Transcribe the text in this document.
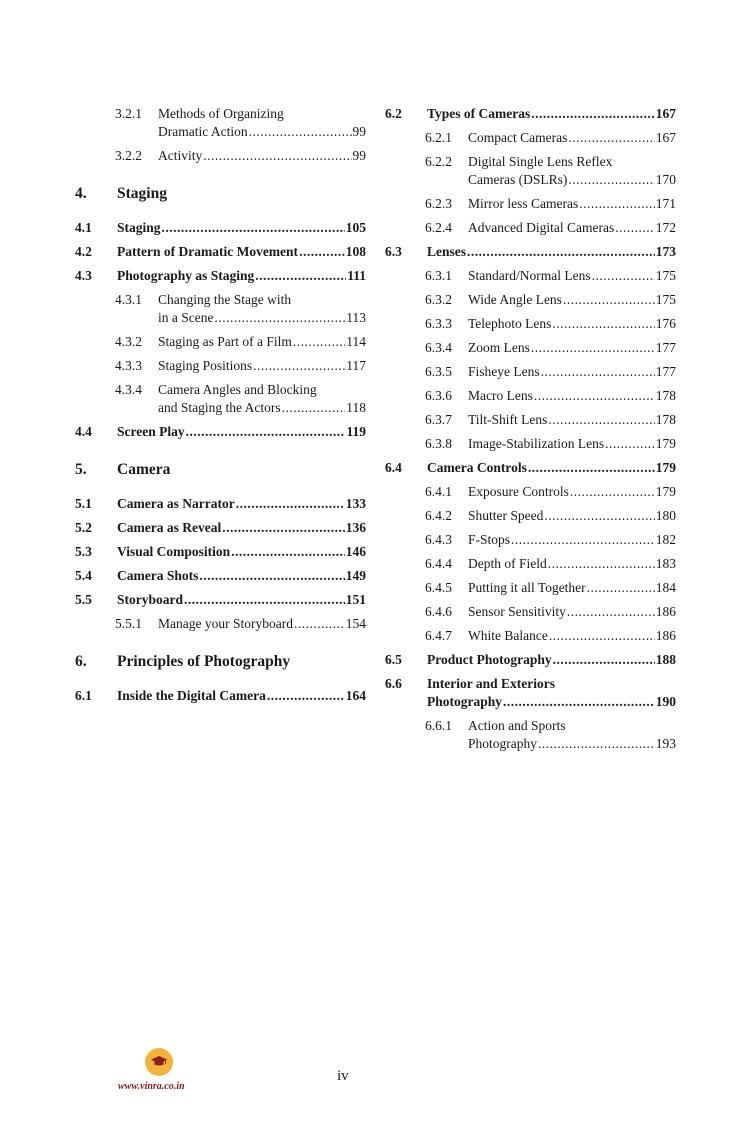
3.2.1 Methods of Organizing
Dramatic Action .....	99
3.2.2 Activity .....	99
4. Staging
4.1 Staging .....	105
4.2 Pattern of Dramatic Movement .....	108
4.3 Photography as Staging .....	111
4.3.1 Changing the Stage with
in a Scene .....	113
4.3.2 Staging as Part of a Film .....	114
4.3.3 Staging Positions .....	117
4.3.4 Camera Angles and Blocking
and Staging the Actors .....	118
4.4 Screen Play .....	119
5. Camera
5.1 Camera as Narrator .....	133
5.2 Camera as Reveal .....	136
5.3 Visual Composition .....	146
5.4 Camera Shots .....	149
5.5 Storyboard .....	151
5.5.1 Manage your Storyboard .....	154
6. Principles of Photography
6.1 Inside the Digital Camera .....	164
6.2 Types of Cameras .....	167
6.2.1 Compact Cameras .....	167
6.2.2 Digital Single Lens Reflex
Cameras (DSLRs) .....	170
6.2.3 Mirror less Cameras .....	171
6.2.4 Advanced Digital Cameras .....	172
6.3 Lenses .....	173
6.3.1 Standard/Normal Lens .....	175
6.3.2 Wide Angle Lens .....	175
6.3.3 Telephoto Lens .....	176
6.3.4 Zoom Lens .....	177
6.3.5 Fisheye Lens .....	177
6.3.6 Macro Lens .....	178
6.3.7 Tilt-Shift Lens .....	178
6.3.8 Image-Stabilization Lens .....	179
6.4 Camera Controls .....	179
6.4.1 Exposure Controls .....	179
6.4.2 Shutter Speed .....	180
6.4.3 F-Stops .....	182
6.4.4 Depth of Field .....	183
6.4.5 Putting it all Together .....	184
6.4.6 Sensor Sensitivity .....	186
6.4.7 White Balance .....	186
6.5 Product Photography .....	188
6.6 Interior and Exteriors
Photography .....	190
6.6.1 Action and Sports
Photography .....	193
www.vinra.co.in
iv
